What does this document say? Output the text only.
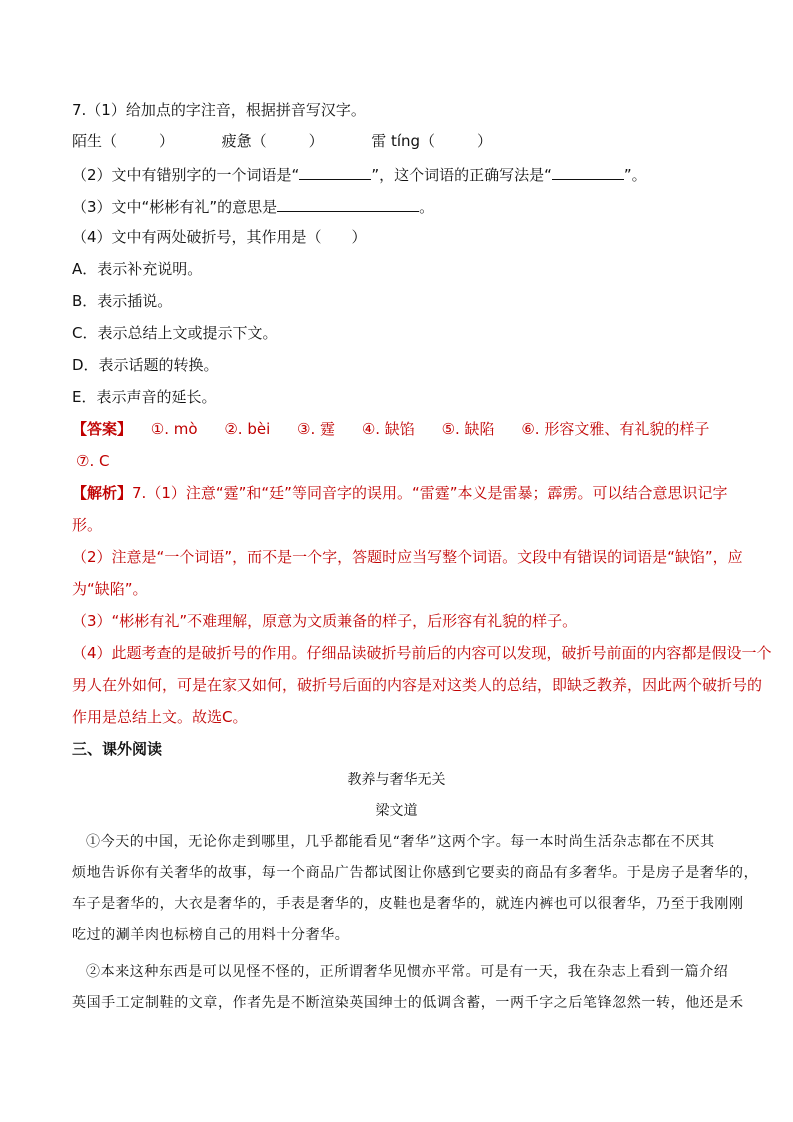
7.（1）给加点的字注音，根据拼音写汉字。
陌生（	）	疲惫（	）	雷 tíng（	）
（2）文中有错别字的一个词语是“	”，这个词语的正确写法是“	”。
（3）文中“彬彬有礼”的意思是	。
（4）文中有两处破折号，其作用是（　　）
A．表示补充说明。
B．表示插说。
C．表示总结上文或提示下文。
D．表示话题的转换。
E．表示声音的延长。
【答案】 ①. mò ②. bèi ③. 霆 ④. 缺馅 ⑤. 缺陷 ⑥. 形容文雅、有礼貌的样子
⑦. C
【解析】7.（1）注意“霆”和“廷”等同音字的误用。“雷霆”本义是雷暴；霹雳。可以结合意思识记字
形。
（2）注意是“一个词语”，而不是一个字，答题时应当写整个词语。文段中有错误的词语是“缺馅”，应
为“缺陷”。
（3）“彬彬有礼”不难理解，原意为文质兼备的样子，后形容有礼貌的样子。
（4）此题考查的是破折号的作用。仔细品读破折号前后的内容可以发现，破折号前面的内容都是假设一个
男人在外如何，可是在家又如何，破折号后面的内容是对这类人的总结，即缺乏教养，因此两个破折号的
作用是总结上文。故选C。
三、课外阅读
教养与奢华无关
梁文道
①今天的中国，无论你走到哪里，几乎都能看见“奢华”这两个字。每一本时尚生活杂志都在不厌其
烦地告诉你有关奢华的故事，每一个商品广告都试图让你感到它要卖的商品有多奢华。于是房子是奢华的，
车子是奢华的，大衣是奢华的，手表是奢华的，皮鞋也是奢华的，就连内裤也可以很奢华，乃至于我刚刚
吃过的涮羊肉也标榜自己的用料十分奢华。
②本来这种东西是可以见怪不怪的，正所谓奢华见惯亦平常。可是有一天，我在杂志上看到一篇介绍
英国手工定制鞋的文章，作者先是不断渲染英国绅士的低调含蓄，一两千字之后笔锋忽然一转，他还是禾
